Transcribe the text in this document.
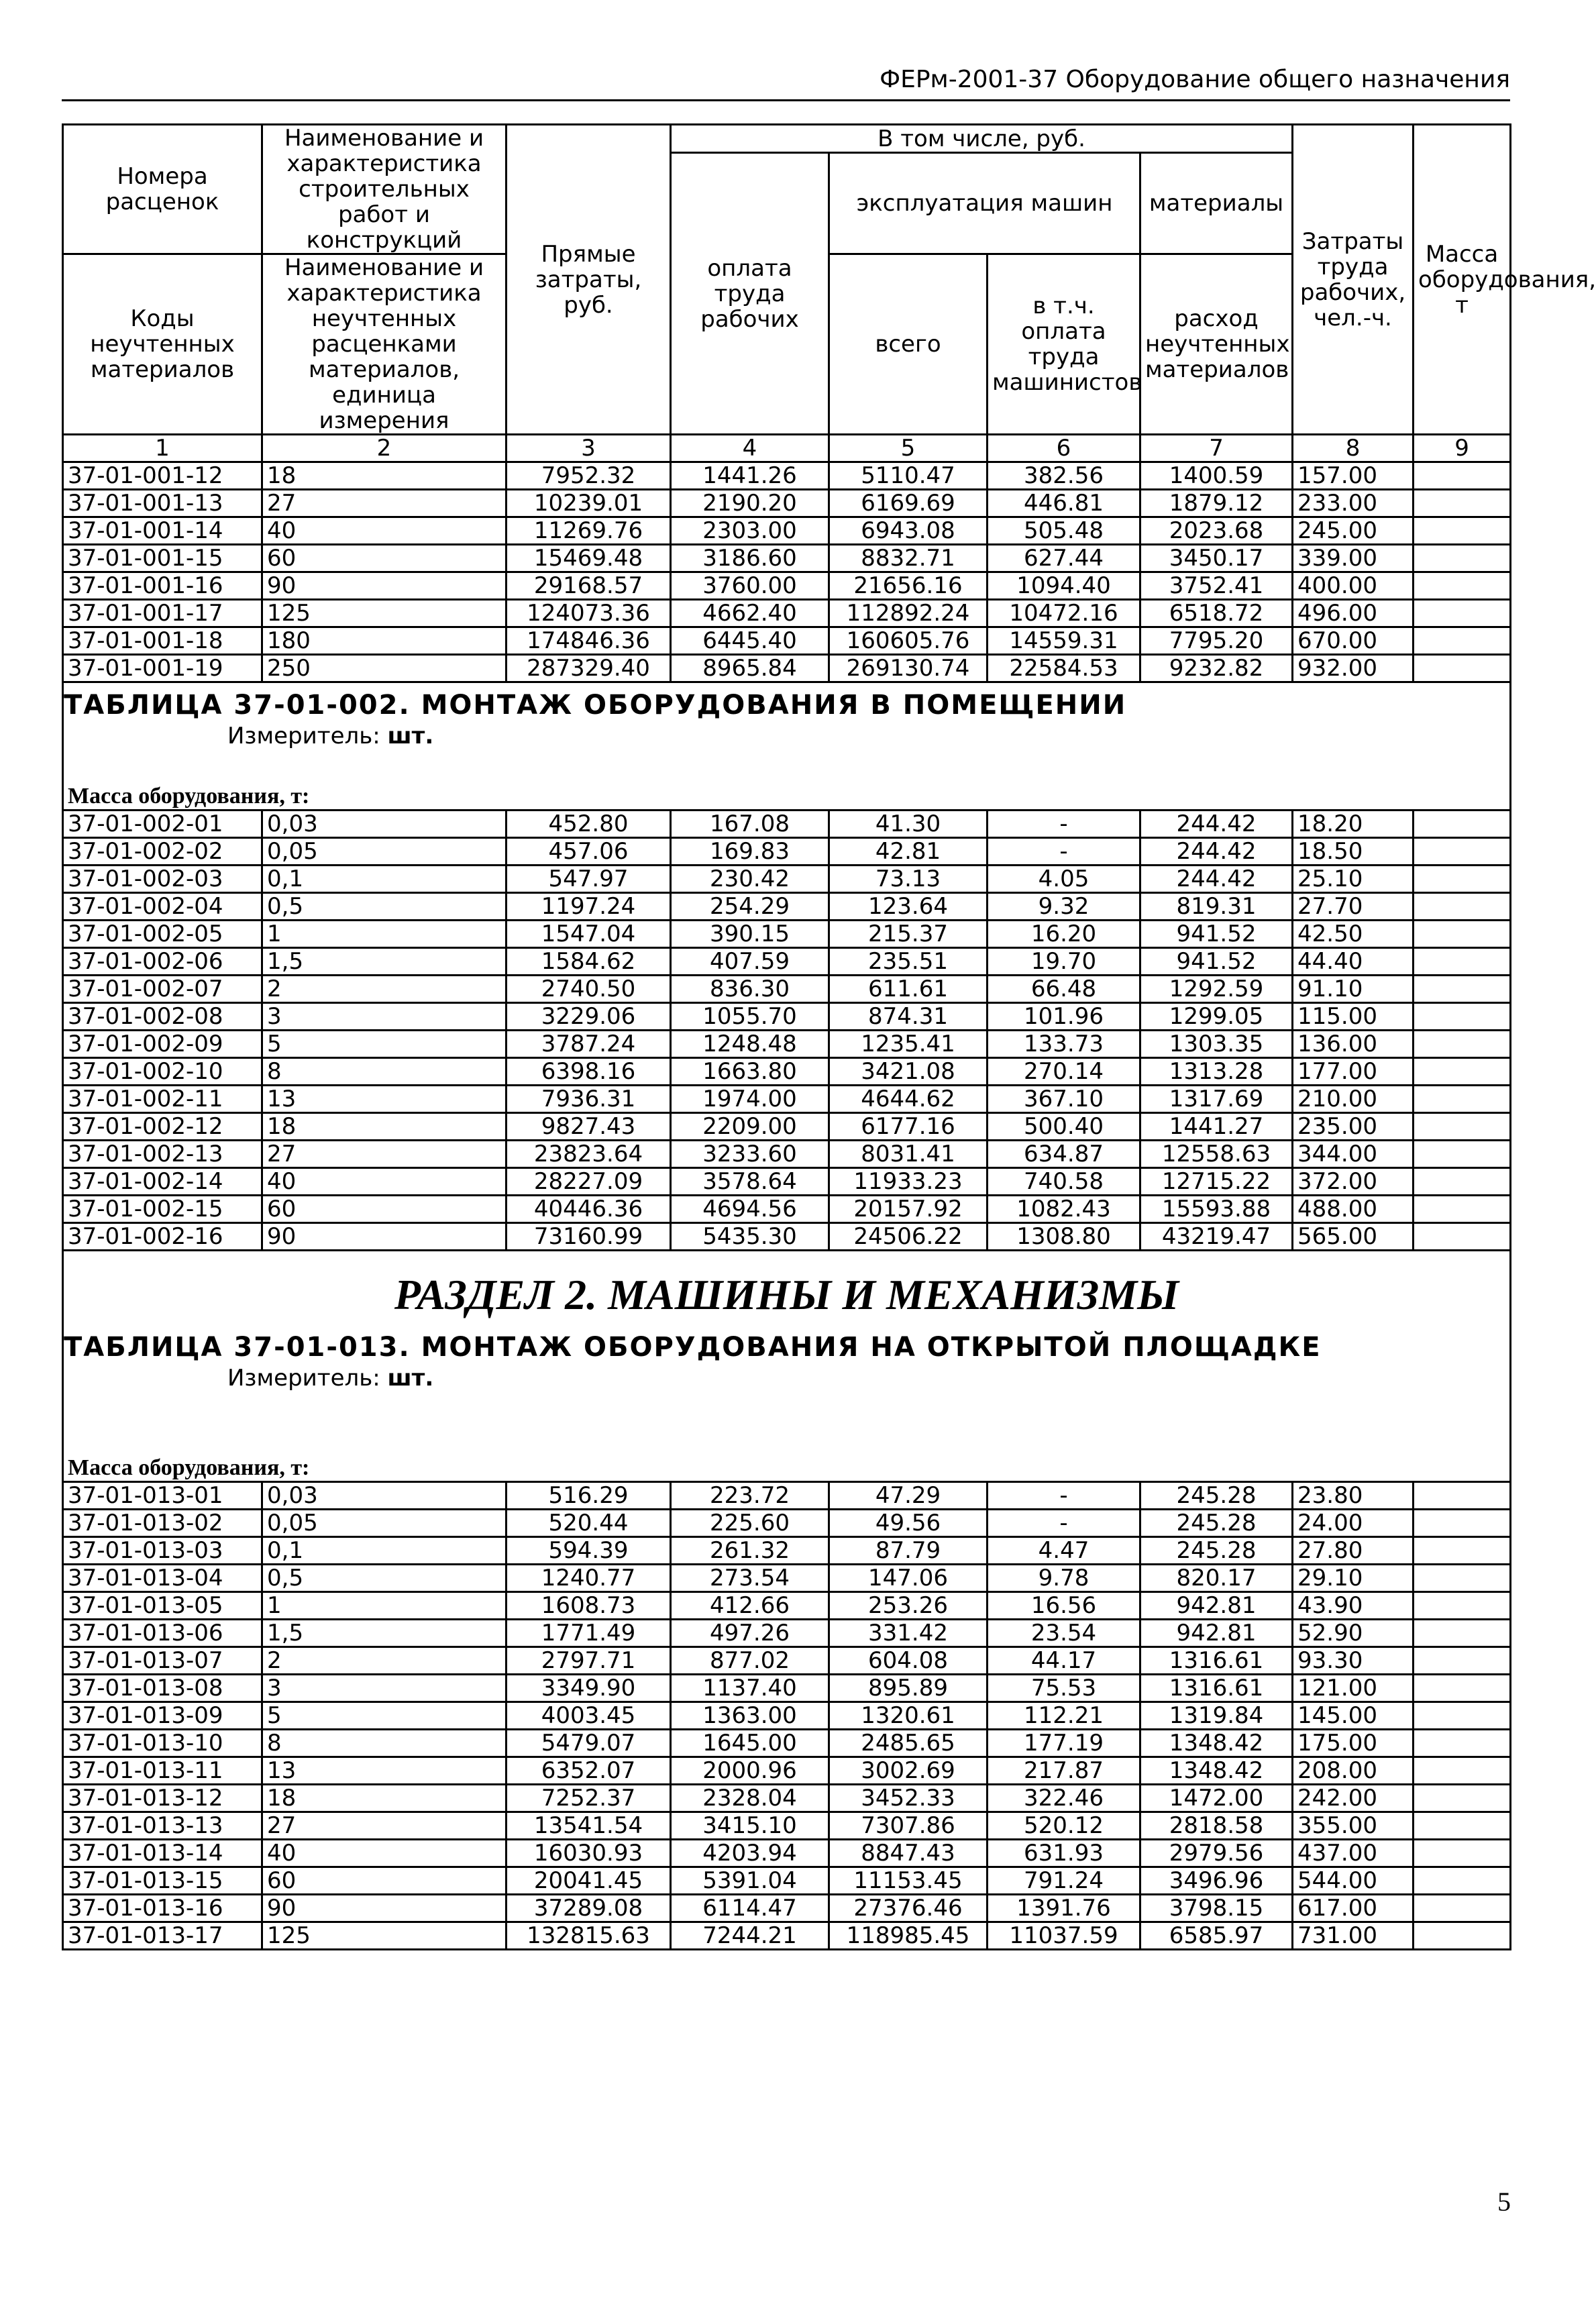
ФЕРм-2001-37 Оборудование общего назначения
Номера расценок	Наименование и характеристика строительных работ и конструкций	Прямые затраты, руб.	В том числе, руб.				Затраты труда рабочих, чел.-ч.	Масса оборудования, т
			оплата труда рабочих	эксплуатация машин		материалы		
Коды неучтенных материалов	Наименование и характеристика неучтенных расценками материалов, единица измерения			всего	в т.ч. оплата труда машинистов	расход неучтенных материалов		
1	2	3	4	5	6	7	8	9
37-01-001-12	18	7952.32	1441.26	5110.47	382.56	1400.59	157.00	
37-01-001-13	27	10239.01	2190.20	6169.69	446.81	1879.12	233.00	
37-01-001-14	40	11269.76	2303.00	6943.08	505.48	2023.68	245.00	
37-01-001-15	60	15469.48	3186.60	8832.71	627.44	3450.17	339.00	
37-01-001-16	90	29168.57	3760.00	21656.16	1094.40	3752.41	400.00	
37-01-001-17	125	124073.36	4662.40	112892.24	10472.16	6518.72	496.00	
37-01-001-18	180	174846.36	6445.40	160605.76	14559.31	7795.20	670.00	
37-01-001-19	250	287329.40	8965.84	269130.74	22584.53	9232.82	932.00	

ТАБЛИЦА 37-01-002. МОНТАЖ ОБОРУДОВАНИЯ В ПОМЕЩЕНИИ
Измеритель: шт.								

Масса оборудования, т:								
37-01-002-01	0,03	452.80	167.08	41.30	-	244.42	18.20	
37-01-002-02	0,05	457.06	169.83	42.81	-	244.42	18.50	
37-01-002-03	0,1	547.97	230.42	73.13	4.05	244.42	25.10	
37-01-002-04	0,5	1197.24	254.29	123.64	9.32	819.31	27.70	
37-01-002-05	1	1547.04	390.15	215.37	16.20	941.52	42.50	
37-01-002-06	1,5	1584.62	407.59	235.51	19.70	941.52	44.40	
37-01-002-07	2	2740.50	836.30	611.61	66.48	1292.59	91.10	
37-01-002-08	3	3229.06	1055.70	874.31	101.96	1299.05	115.00	
37-01-002-09	5	3787.24	1248.48	1235.41	133.73	1303.35	136.00	
37-01-002-10	8	6398.16	1663.80	3421.08	270.14	1313.28	177.00	
37-01-002-11	13	7936.31	1974.00	4644.62	367.10	1317.69	210.00	
37-01-002-12	18	9827.43	2209.00	6177.16	500.40	1441.27	235.00	
37-01-002-13	27	23823.64	3233.60	8031.41	634.87	12558.63	344.00	
37-01-002-14	40	28227.09	3578.64	11933.23	740.58	12715.22	372.00	
37-01-002-15	60	40446.36	4694.56	20157.92	1082.43	15593.88	488.00	
37-01-002-16	90	73160.99	5435.30	24506.22	1308.80	43219.47	565.00	

РАЗДЕЛ 2. МАШИНЫ И МЕХАНИЗМЫ
ТАБЛИЦА 37-01-013. МОНТАЖ ОБОРУДОВАНИЯ НА ОТКРЫТОЙ ПЛОЩАДКЕ
Измеритель: шт.								

Масса оборудования, т:								
37-01-013-01	0,03	516.29	223.72	47.29	-	245.28	23.80	
37-01-013-02	0,05	520.44	225.60	49.56	-	245.28	24.00	
37-01-013-03	0,1	594.39	261.32	87.79	4.47	245.28	27.80	
37-01-013-04	0,5	1240.77	273.54	147.06	9.78	820.17	29.10	
37-01-013-05	1	1608.73	412.66	253.26	16.56	942.81	43.90	
37-01-013-06	1,5	1771.49	497.26	331.42	23.54	942.81	52.90	
37-01-013-07	2	2797.71	877.02	604.08	44.17	1316.61	93.30	
37-01-013-08	3	3349.90	1137.40	895.89	75.53	1316.61	121.00	
37-01-013-09	5	4003.45	1363.00	1320.61	112.21	1319.84	145.00	
37-01-013-10	8	5479.07	1645.00	2485.65	177.19	1348.42	175.00	
37-01-013-11	13	6352.07	2000.96	3002.69	217.87	1348.42	208.00	
37-01-013-12	18	7252.37	2328.04	3452.33	322.46	1472.00	242.00	
37-01-013-13	27	13541.54	3415.10	7307.86	520.12	2818.58	355.00	
37-01-013-14	40	16030.93	4203.94	8847.43	631.93	2979.56	437.00	
37-01-013-15	60	20041.45	5391.04	11153.45	791.24	3496.96	544.00	
37-01-013-16	90	37289.08	6114.47	27376.46	1391.76	3798.15	617.00	
37-01-013-17	125	132815.63	7244.21	118985.45	11037.59	6585.97	731.00	
5
